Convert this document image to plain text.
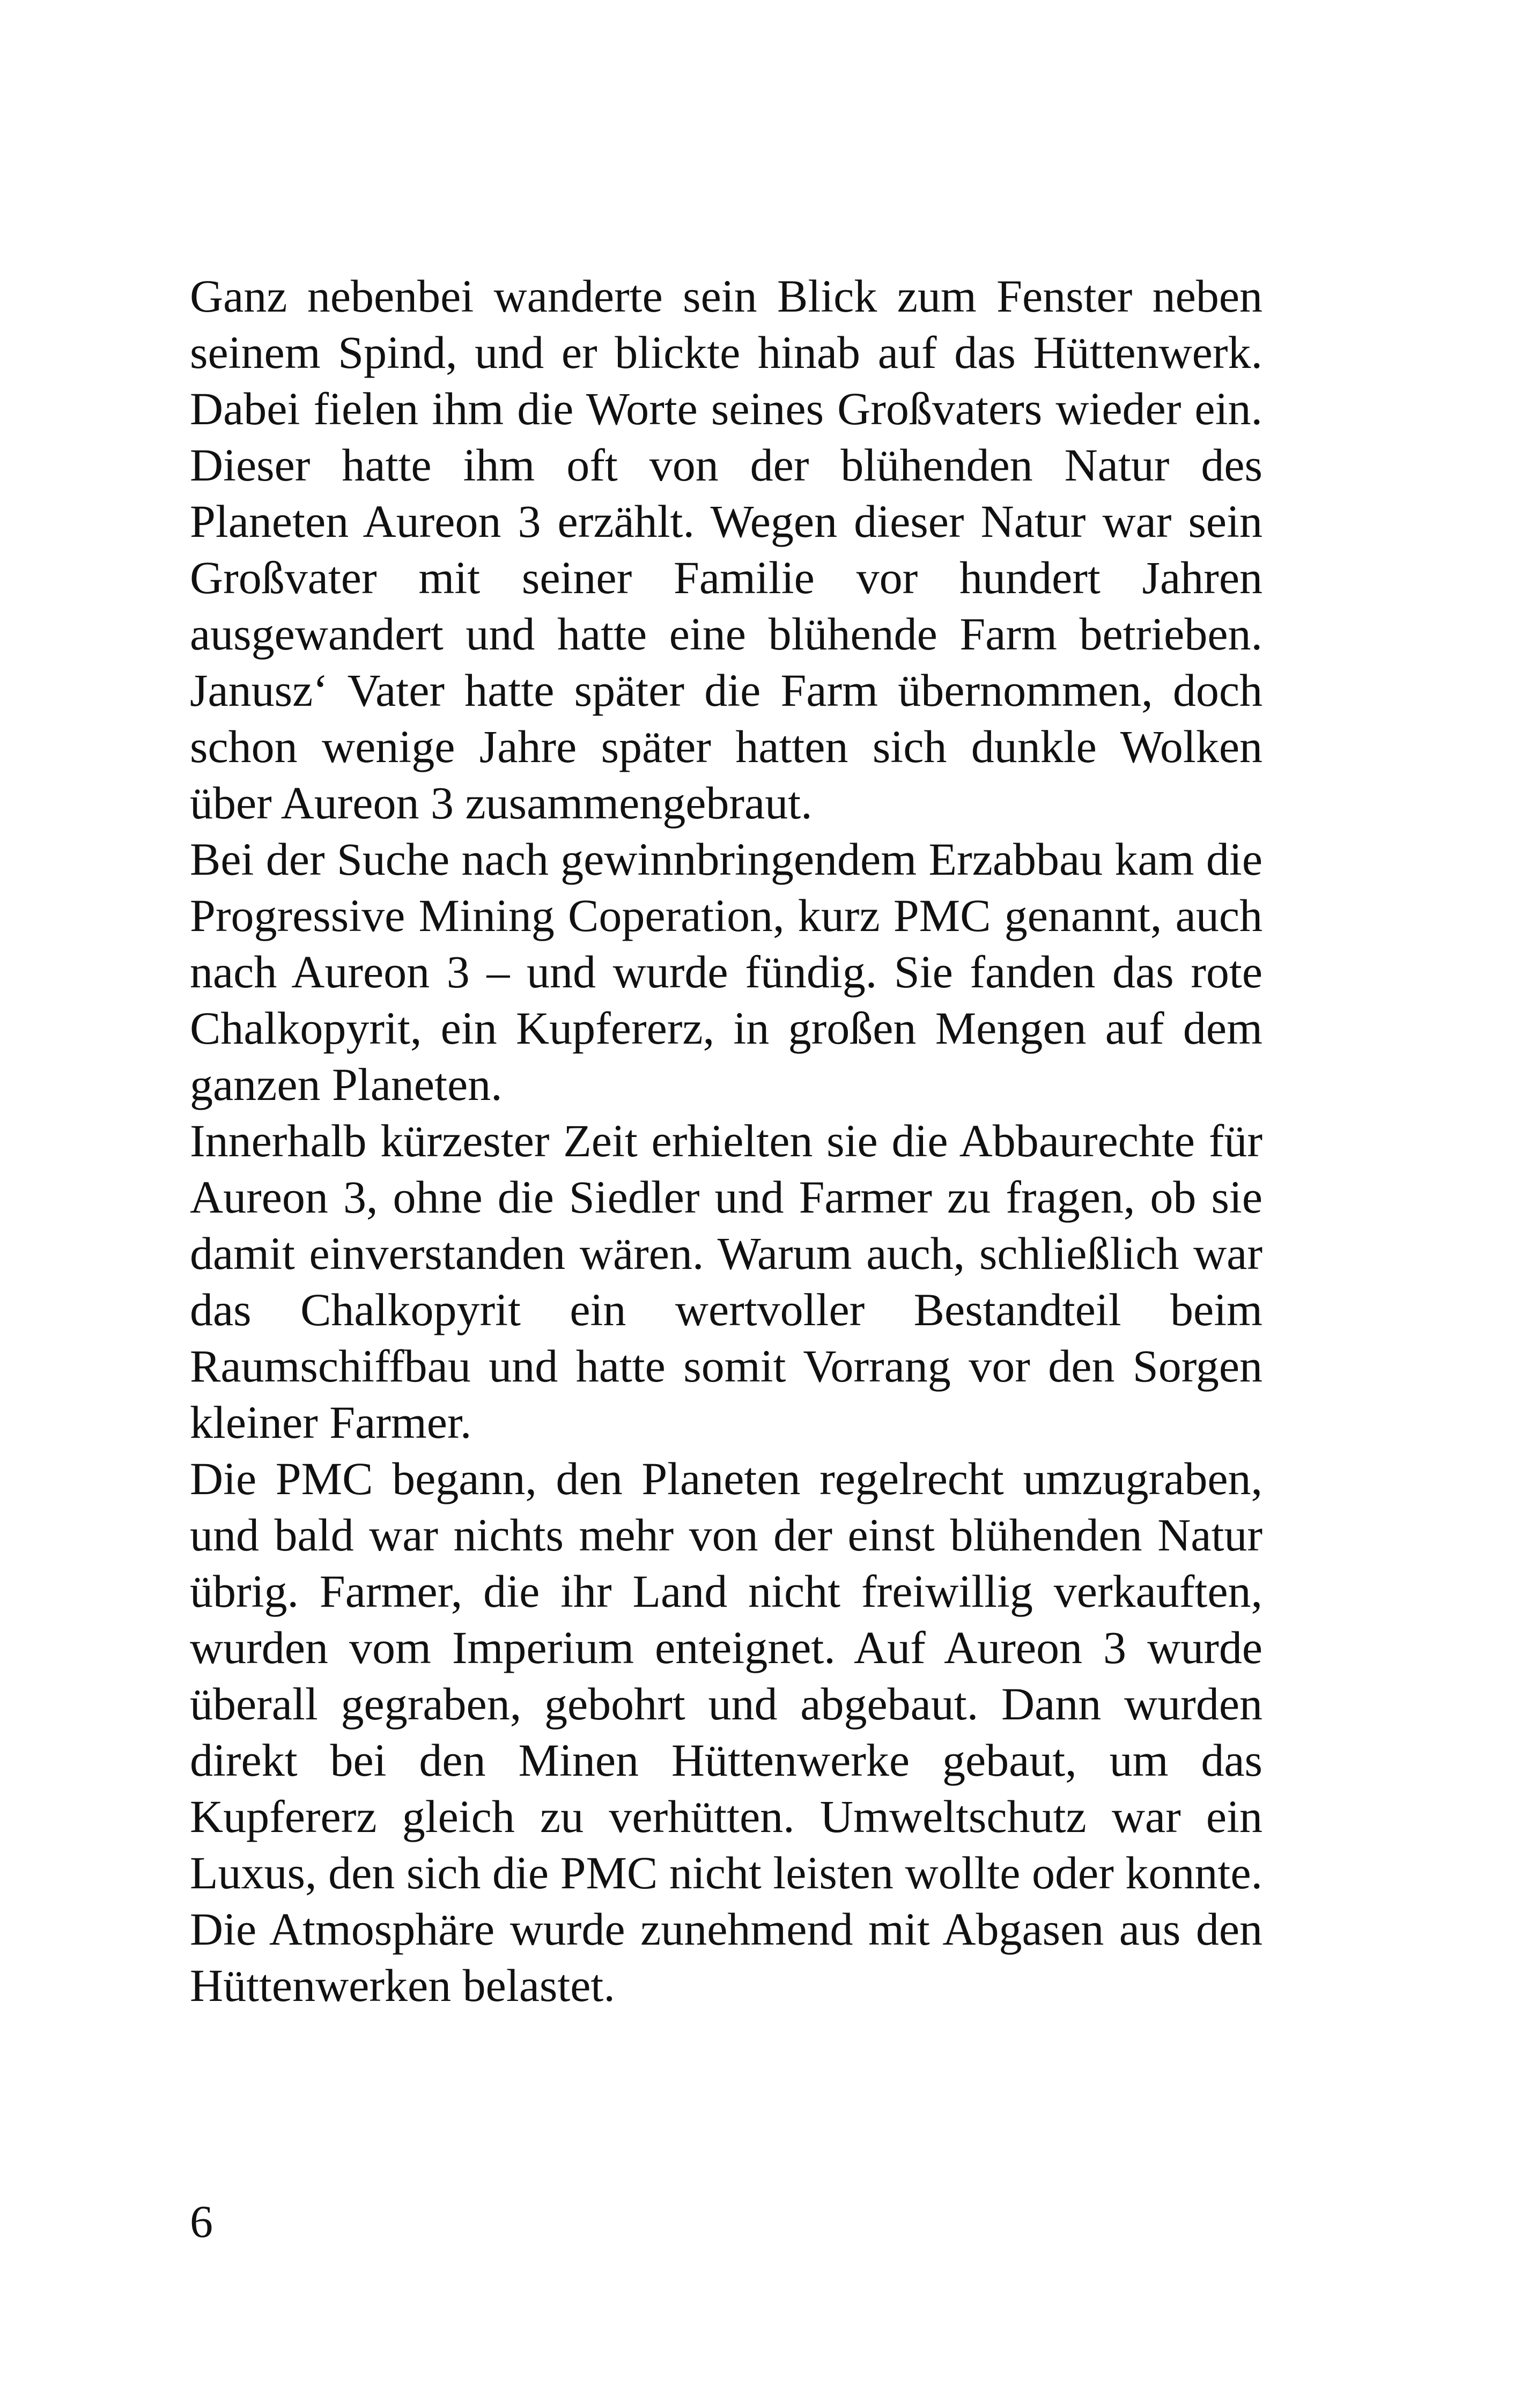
Ganz nebenbei wanderte sein Blick zum Fenster neben seinem Spind, und er blickte hinab auf das Hüttenwerk. Dabei fielen ihm die Worte seines Großvaters wieder ein. Dieser hatte ihm oft von der blühenden Natur des Planeten Aureon 3 erzählt. Wegen dieser Natur war sein Großvater mit seiner Familie vor hundert Jahren ausgewandert und hatte eine blühende Farm betrieben. Janusz‘ Vater hatte später die Farm übernommen, doch schon wenige Jahre später hatten sich dunkle Wolken über Aureon 3 zusammengebraut.

Bei der Suche nach gewinnbringendem Erzabbau kam die Progressive Mining Coperation, kurz PMC genannt, auch nach Aureon 3 – und wurde fündig. Sie fanden das rote Chalkopyrit, ein Kupfererz, in großen Mengen auf dem ganzen Planeten.

Innerhalb kürzester Zeit erhielten sie die Abbaurechte für Aureon 3, ohne die Siedler und Farmer zu fragen, ob sie damit einverstanden wären. Warum auch, schließlich war das Chalkopyrit ein wertvoller Bestandteil beim Raumschiffbau und hatte somit Vorrang vor den Sorgen kleiner Farmer.

Die PMC begann, den Planeten regelrecht umzugraben, und bald war nichts mehr von der einst blühenden Natur übrig. Farmer, die ihr Land nicht freiwillig verkauften, wurden vom Imperium enteignet. Auf Aureon 3 wurde überall gegraben, gebohrt und abgebaut. Dann wurden direkt bei den Minen Hüttenwerke gebaut, um das Kupfererz gleich zu verhütten. Umweltschutz war ein Luxus, den sich die PMC nicht leisten wollte oder konnte. Die Atmosphäre wurde zunehmend mit Abgasen aus den Hüttenwerken belastet.

6
